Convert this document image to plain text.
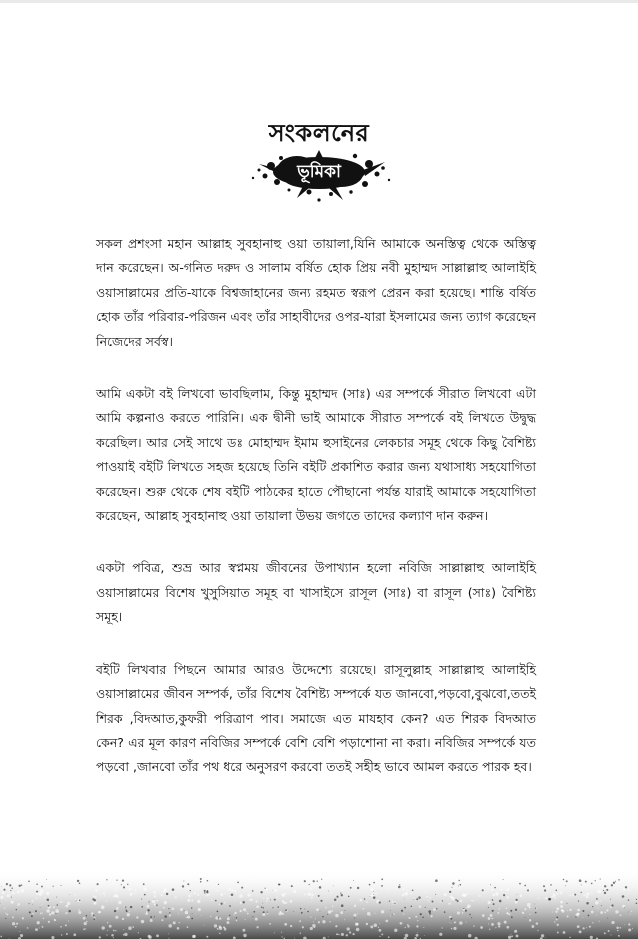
সংকলনের
ভূমিকা

সকল প্রশংসা মহান আল্লাহ সুবহানাহু ওয়া তায়ালা,যিনি আমাকে অনস্তিত্ব থেকে অস্তিত্ব দান করেছেন। অ-গনিত দরুদ ও সালাম বর্ষিত হোক প্রিয় নবী মুহাম্মদ সাল্লাল্লাহু আলাইহি ওয়াসাল্লামের প্রতি-যাকে বিশ্বজাহানের জন্য রহমত স্বরূপ প্রেরন করা হয়েছে। শান্তি বর্ষিত হোক তাঁর পরিবার-পরিজন এবং তাঁর সাহাবীদের ওপর-যারা ইসলামের জন্য ত্যাগ করেছেন নিজেদের সর্বস্ব।

আমি একটা বই লিখবো ভাবছিলাম, কিন্তু মুহাম্মদ (সাঃ) এর সম্পর্কে সীরাত লিখবো এটা আমি কল্পনাও করতে পারিনি। এক দ্বীনী ভাই আমাকে সীরাত সম্পর্কে বই লিখতে উদ্বুদ্ধ করেছিল। আর সেই সাথে ডঃ মোহাম্মদ ইমাম হুসাইনের লেকচার সমূহ থেকে কিছু বৈশিষ্ট্য পাওয়াই বইটি লিখতে সহজ হয়েছে তিনি বইটি প্রকাশিত করার জন্য যথাসাধ্য সহযোগিতা করেছেন। শুরু থেকে শেষ বইটি পাঠকের হাতে পৌছানো পর্যন্ত যারাই আমাকে সহযোগিতা করেছেন, আল্লাহ সুবহানাহু ওয়া তায়ালা উভয় জগতে তাদের কল্যাণ দান করুন।

একটা পবিত্র, শুভ্র আর স্বপ্নময় জীবনের উপাখ্যান হলো নবিজি সাল্লাল্লাহু আলাইহি ওয়াসাল্লামের বিশেষ খুসুসিয়াত সমূহ বা খাসাইসে রাসূল (সাঃ) বা রাসূল (সাঃ) বৈশিষ্ট্য সমূহ।

বইটি লিখবার পিছনে আমার আরও উদ্দেশ্যে রয়েছে। রাসূলুল্লাহ সাল্লাল্লাহু আলাইহি ওয়াসাল্লামের জীবন সম্পর্ক, তাঁর বিশেষ বৈশিষ্ট্য সম্পর্কে যত জানবো,পড়বো,বুঝবো,ততই শিরক ,বিদআত,কুফরী পরিত্রাণ পাব। সমাজে এত মাযহাব কেন? এত শিরক বিদআত কেন? এর মূল কারণ নবিজির সম্পর্কে বেশি বেশি পড়াশোনা না করা। নবিজির সম্পর্কে যত পড়বো ,জানবো তাঁর পথ ধরে অনুসরণ করবো ততই সহীহ ভাবে আমল করতে পারক হব।
